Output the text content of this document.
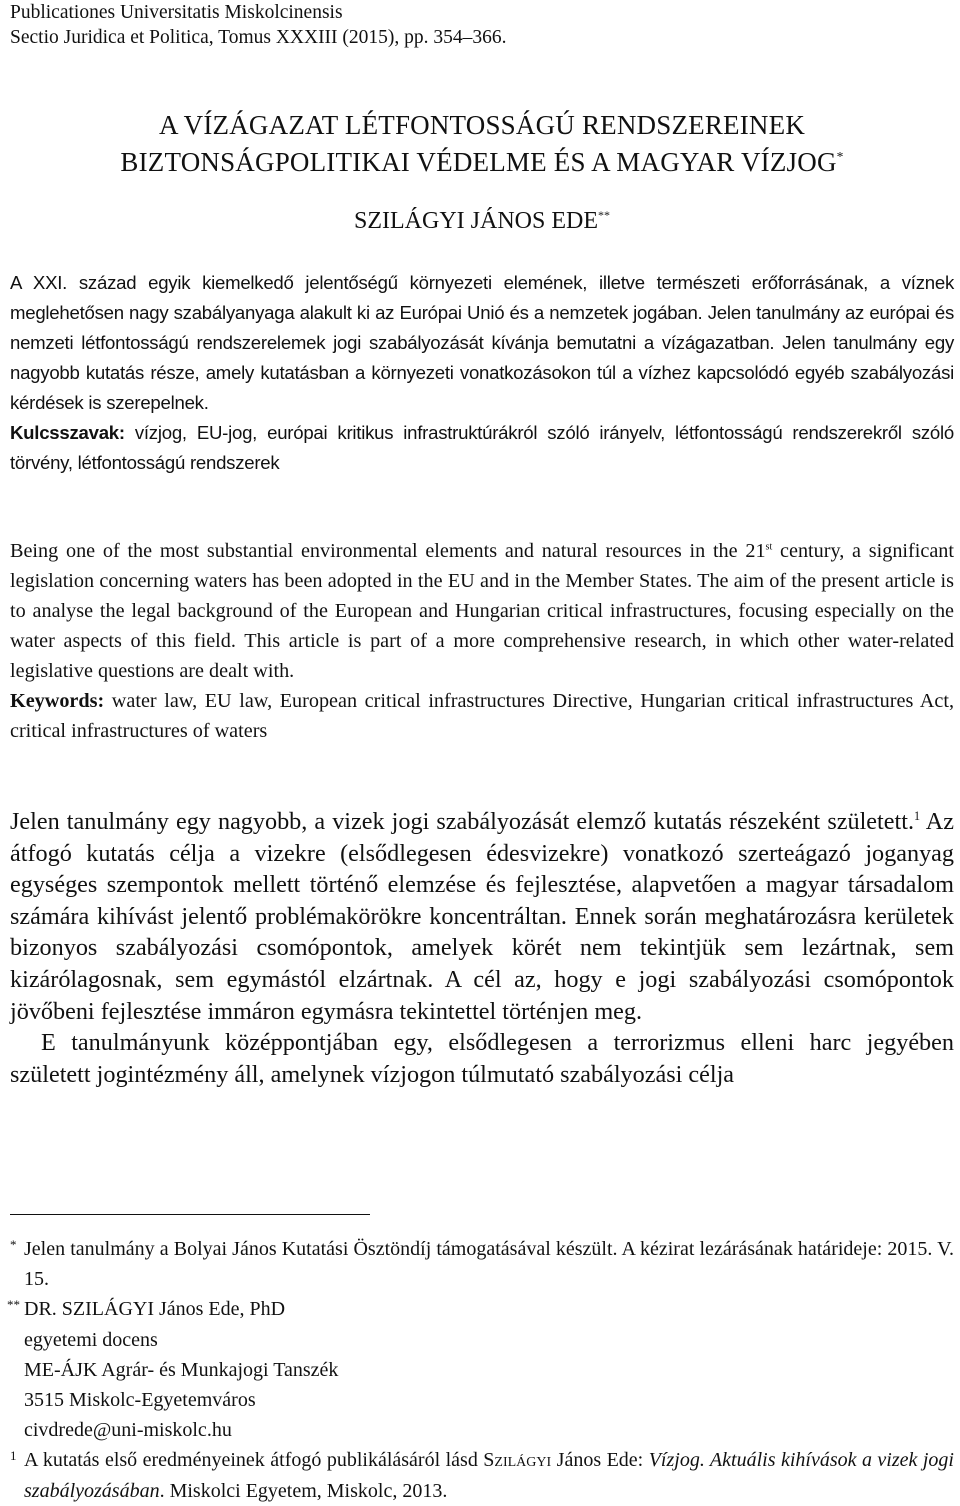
Publicationes Universitatis Miskolcinensis
Sectio Juridica et Politica, Tomus XXXIII (2015), pp. 354–366.
A VÍZÁGAZAT LÉTFONTOSSÁGÚ RENDSZEREINEK
BIZTONSÁGPOLITIKAI VÉDELME ÉS A MAGYAR VÍZJOG*
SZILÁGYI JÁNOS EDE**

A XXI. század egyik kiemelkedő jelentőségű környezeti elemének, illetve természeti erőforrásának, a víznek meglehetősen nagy szabályanyaga alakult ki az Európai Unió és a nemzetek jogában. Jelen tanulmány az európai és nemzeti létfontosságú rendszerelemek jogi szabályozását kívánja bemutatni a vízágazatban. Jelen tanulmány egy nagyobb kutatás része, amely kutatásban a környezeti vonatkozásokon túl a vízhez kapcsolódó egyéb szabályozási kérdések is szerepelnek.

Kulcsszavak: vízjog, EU-jog, európai kritikus infrastruktúrákról szóló irányelv, létfontosságú rendszerekről szóló törvény, létfontosságú rendszerek

Being one of the most substantial environmental elements and natural resources in the 21st century, a significant legislation concerning waters has been adopted in the EU and in the Member States. The aim of the present article is to analyse the legal background of the European and Hungarian critical infrastructures, focusing especially on the water aspects of this field. This article is part of a more comprehensive research, in which other water-related legislative questions are dealt with.

Keywords: water law, EU law, European critical infrastructures Directive, Hungarian critical infrastructures Act, critical infrastructures of waters

Jelen tanulmány egy nagyobb, a vizek jogi szabályozását elemző kutatás részeként született.$^1$ Az átfogó kutatás célja a vizekre (elsődlegesen édesvizekre) vonatkozó szerteágazó joganyag egységes szempontok mellett történő elemzése és fejlesztése, alapvetően a magyar társadalom számára kihívást jelentő problémakörökre koncentráltan. Ennek során meghatározásra kerületek bizonyos szabályozási csomópontok, amelyek körét nem tekintjük sem lezártnak, sem kizárólagosnak, sem egymástól elzártnak. A cél az, hogy e jogi szabályozási csomópontok jövőbeni fejlesztése immáron egymásra tekintettel történjen meg.

E tanulmányunk középpontjában egy, elsődlegesen a terrorizmus elleni harc jegyében született jogintézmény áll, amelynek vízjogon túlmutató szabályozási célja

* Jelen tanulmány a Bolyai János Kutatási Ösztöndíj támogatásával készült. A kézirat lezárásának határideje: 2015. V. 15.
** DR. SZILÁGYI János Ede, PhD
egyetemi docens
ME-ÁJK Agrár- és Munkajogi Tanszék
3515 Miskolc-Egyetemváros
civdrede@uni-miskolc.hu
1 A kutatás első eredményeinek átfogó publikálásáról lásd Szilágyi János Ede: Vízjog. Aktuális kihívások a vizek jogi szabályozásában. Miskolci Egyetem, Miskolc, 2013.
